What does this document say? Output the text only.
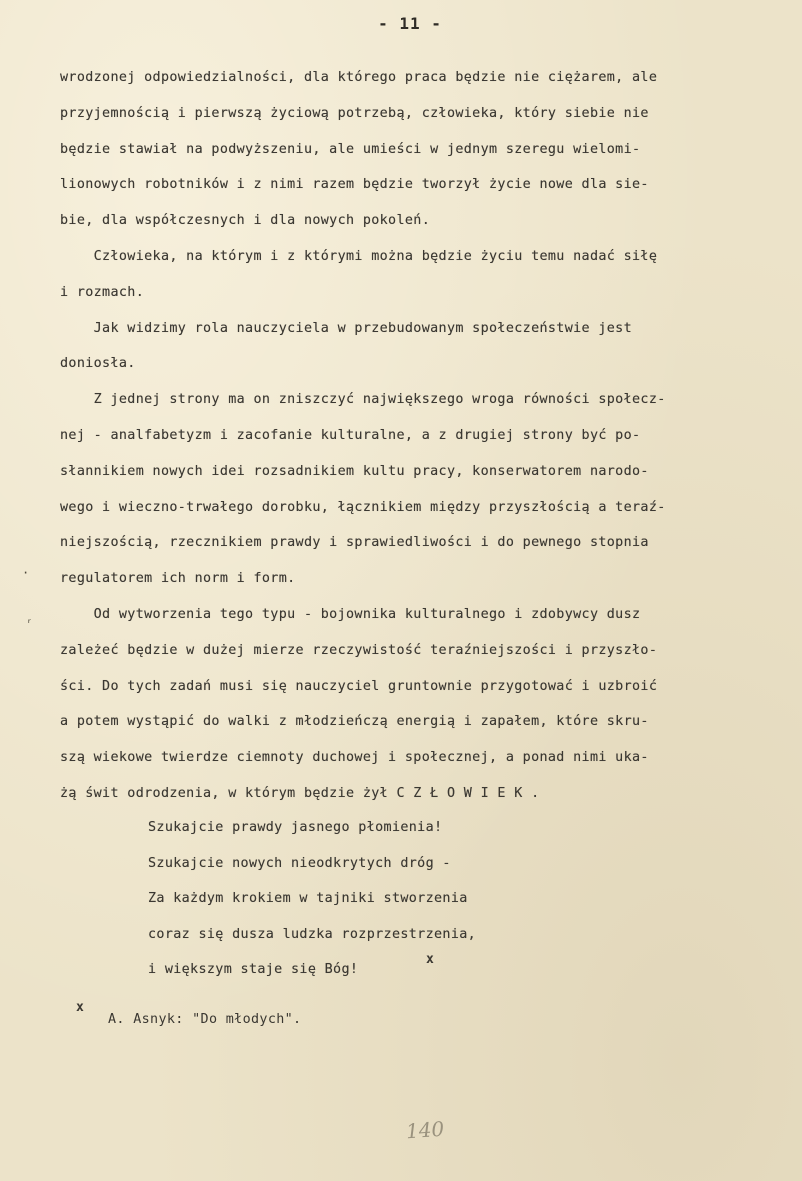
- 11 -
wrodzonej odpowiedzialności, dla którego praca będzie nie ciężarem, ale
przyjemnością i pierwszą życiową potrzebą, człowieka, który siebie nie
będzie stawiał na podwyższeniu, ale umieści w jednym szeregu wielomi-
lionowych robotników i z nimi razem będzie tworzył życie nowe dla sie-
bie, dla współczesnych i dla nowych pokoleń.
Człowieka, na którym i z którymi można będzie życiu temu nadać siłę
i rozmach.
Jak widzimy rola nauczyciela w przebudowanym społeczeństwie jest
doniosła.
Z jednej strony ma on zniszczyć największego wroga równości społecz-
nej - analfabetyzm i zacofanie kulturalne, a z drugiej strony być po-
słannikiem nowych idei rozsadnikiem kultu pracy, konserwatorem narodo-
wego i wieczno-trwałego dorobku, łącznikiem między przyszłością a teraź-
niejszością, rzecznikiem prawdy i sprawiedliwości i do pewnego stopnia
regulatorem ich norm i form.
Od wytworzenia tego typu - bojownika kulturalnego i zdobywcy dusz
zależeć będzie w dużej mierze rzeczywistość teraźniejszości i przyszło-
ści. Do tych zadań musi się nauczyciel gruntownie przygotować i uzbroić
a potem wystąpić do walki z młodzieńczą energią i zapałem, które skru-
szą wiekowe twierdze ciemnoty duchowej i społecznej, a ponad nimi uka-
żą świt odrodzenia, w którym będzie żył C Z Ł O W I E K .
Szukajcie prawdy jasnego płomienia!
Szukajcie nowych nieodkrytych dróg -
Za każdym krokiem w tajniki stworzenia
coraz się dusza ludzka rozprzestrzenia,
i większym staje się Bóg!
x
x
A. Asnyk: "Do młodych".
·
ʳ
140
